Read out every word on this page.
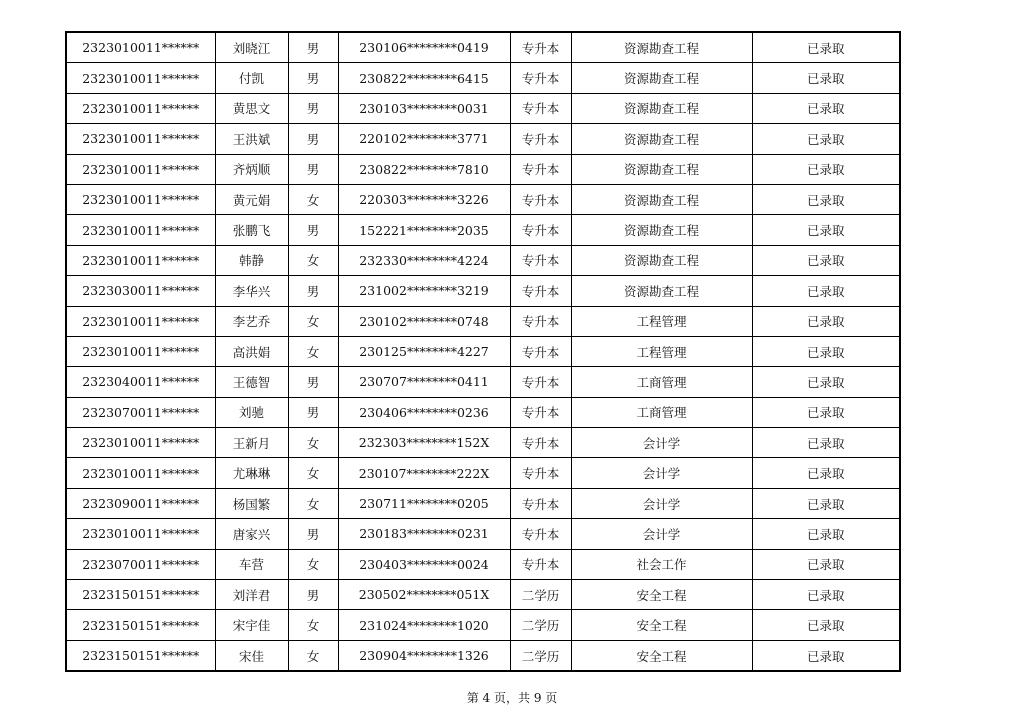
2323010011******	刘晓江	男	230106********0419	专升本	资源勘查工程	已录取
2323010011******	付凯	男	230822********6415	专升本	资源勘查工程	已录取
2323010011******	黄思文	男	230103********0031	专升本	资源勘查工程	已录取
2323010011******	王洪斌	男	220102********3771	专升本	资源勘查工程	已录取
2323010011******	齐炳顺	男	230822********7810	专升本	资源勘查工程	已录取
2323010011******	黄元娟	女	220303********3226	专升本	资源勘查工程	已录取
2323010011******	张鹏飞	男	152221********2035	专升本	资源勘查工程	已录取
2323010011******	韩静	女	232330********4224	专升本	资源勘查工程	已录取
2323030011******	李华兴	男	231002********3219	专升本	资源勘查工程	已录取
2323010011******	李艺乔	女	230102********0748	专升本	工程管理	已录取
2323010011******	高洪娟	女	230125********4227	专升本	工程管理	已录取
2323040011******	王德智	男	230707********0411	专升本	工商管理	已录取
2323070011******	刘驰	男	230406********0236	专升本	工商管理	已录取
2323010011******	王新月	女	232303********152X	专升本	会计学	已录取
2323010011******	尤琳琳	女	230107********222X	专升本	会计学	已录取
2323090011******	杨国繁	女	230711********0205	专升本	会计学	已录取
2323010011******	唐家兴	男	230183********0231	专升本	会计学	已录取
2323070011******	车营	女	230403********0024	专升本	社会工作	已录取
2323150151******	刘洋君	男	230502********051X	二学历	安全工程	已录取
2323150151******	宋宇佳	女	231024********1020	二学历	安全工程	已录取
2323150151******	宋佳	女	230904********1326	二学历	安全工程	已录取
第 4 页，共 9 页
